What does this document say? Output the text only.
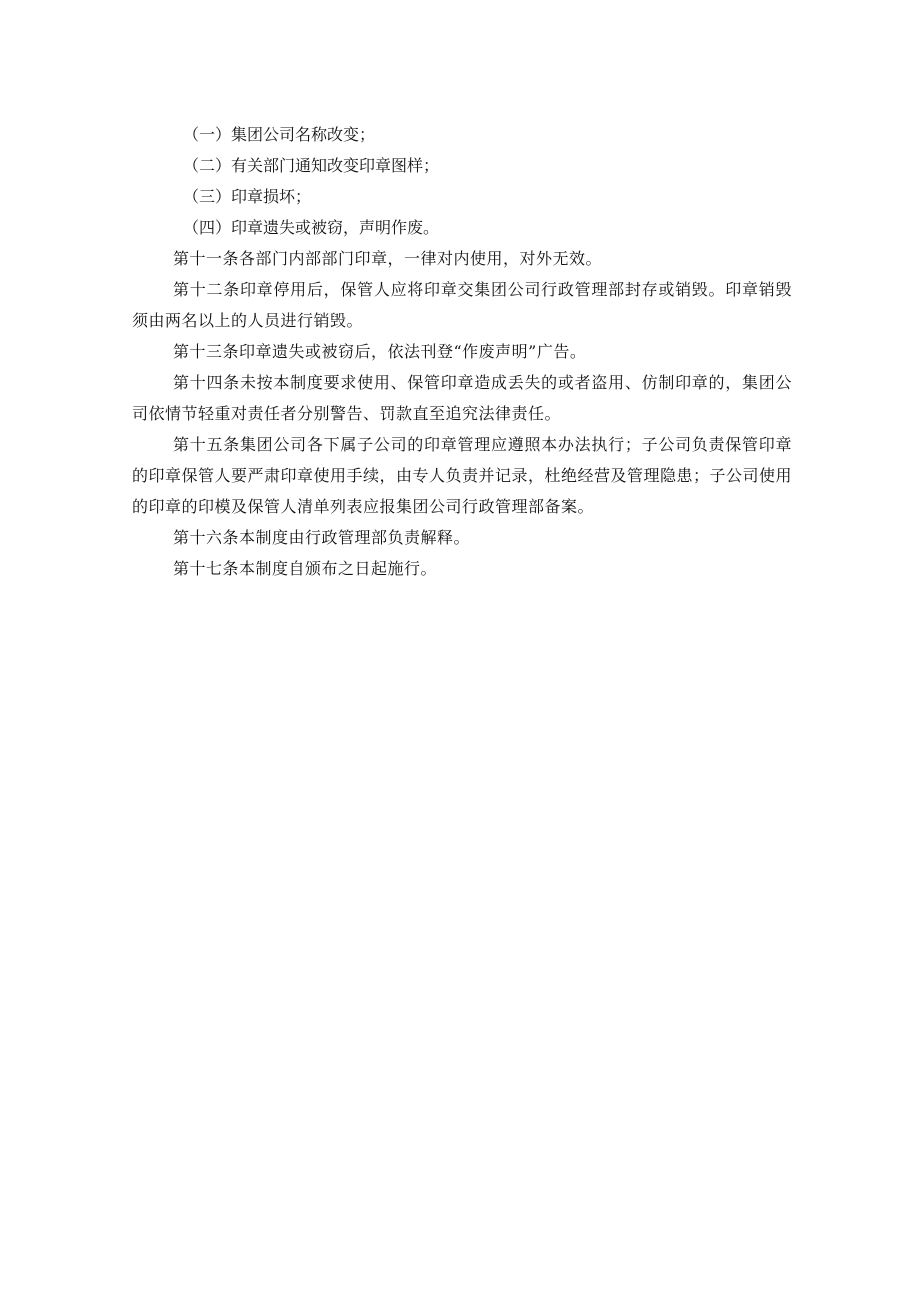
（一）集团公司名称改变；

（二）有关部门通知改变印章图样；

（三）印章损坏；

（四）印章遗失或被窃，声明作废。

第十一条各部门内部部门印章，一律对内使用，对外无效。

第十二条印章停用后，保管人应将印章交集团公司行政管理部封存或销毁。印章销毁须由两名以上的人员进行销毁。

第十三条印章遗失或被窃后，依法刊登“作废声明”广告。

第十四条未按本制度要求使用、保管印章造成丢失的或者盗用、仿制印章的，集团公司依情节轻重对责任者分别警告、罚款直至追究法律责任。

第十五条集团公司各下属子公司的印章管理应遵照本办法执行；子公司负责保管印章的印章保管人要严肃印章使用手续，由专人负责并记录，杜绝经营及管理隐患；子公司使用的印章的印模及保管人清单列表应报集团公司行政管理部备案。

第十六条本制度由行政管理部负责解释。

第十七条本制度自颁布之日起施行。
